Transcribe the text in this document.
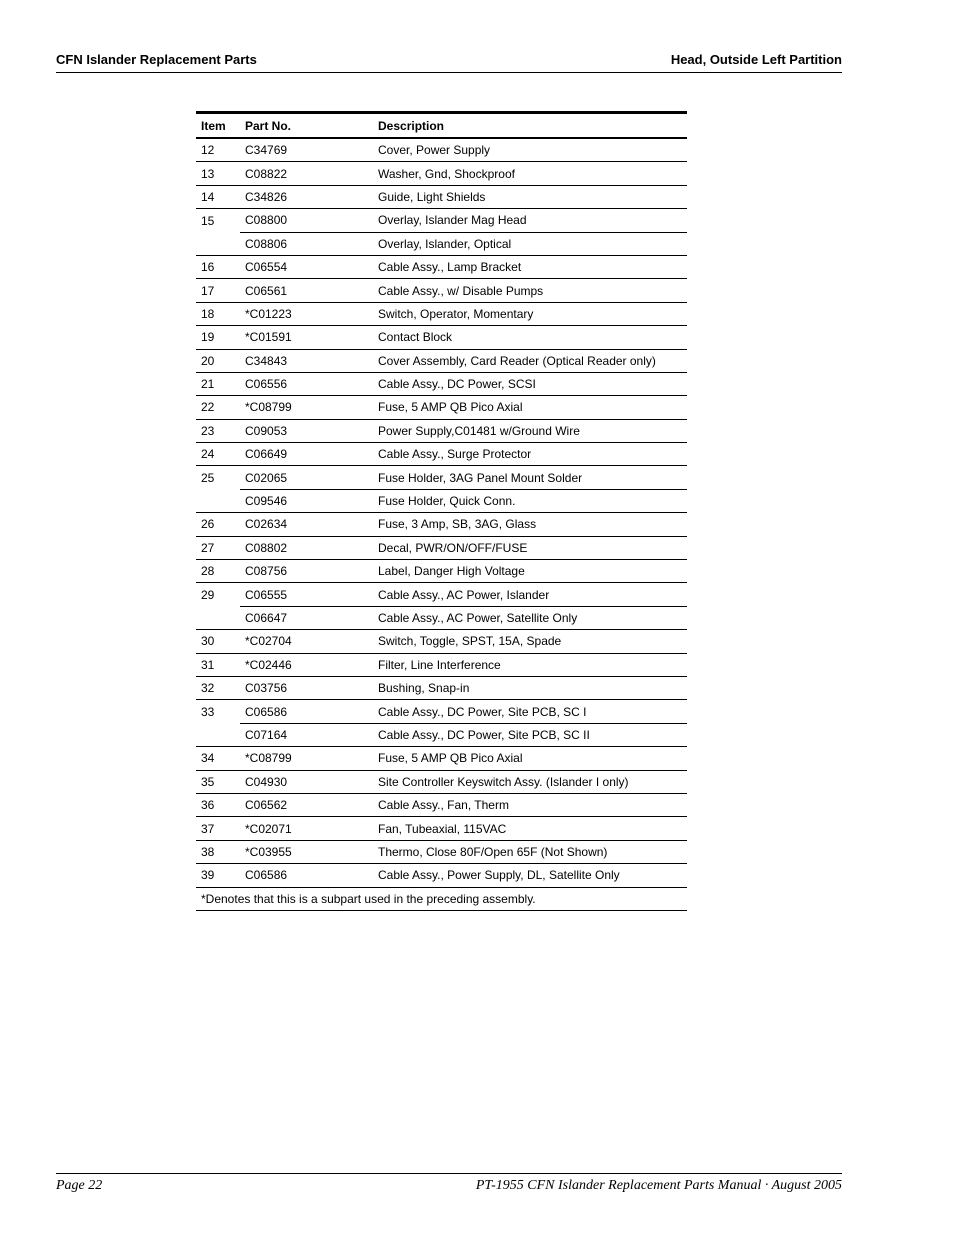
CFN Islander Replacement Parts	Head, Outside Left Partition
Item	Part No.	Description
12	C34769	Cover, Power Supply
13	C08822	Washer, Gnd, Shockproof
14	C34826	Guide, Light Shields
15	C08800	Overlay, Islander Mag Head
	C08806	Overlay, Islander, Optical
16	C06554	Cable Assy., Lamp Bracket
17	C06561	Cable Assy., w/ Disable Pumps
18	*C01223	Switch, Operator, Momentary
19	*C01591	Contact Block
20	C34843	Cover Assembly, Card Reader (Optical Reader only)
21	C06556	Cable Assy., DC Power, SCSI
22	*C08799	Fuse, 5 AMP QB Pico Axial
23	C09053	Power Supply,C01481 w/Ground Wire
24	C06649	Cable Assy., Surge Protector
25	C02065	Fuse Holder, 3AG Panel Mount Solder
	C09546	Fuse Holder, Quick Conn.
26	C02634	Fuse, 3 Amp, SB, 3AG, Glass
27	C08802	Decal, PWR/ON/OFF/FUSE
28	C08756	Label, Danger High Voltage
29	C06555	Cable Assy., AC Power, Islander
	C06647	Cable Assy., AC Power, Satellite Only
30	*C02704	Switch, Toggle, SPST, 15A, Spade
31	*C02446	Filter, Line Interference
32	C03756	Bushing, Snap-in
33	C06586	Cable Assy., DC Power, Site PCB, SC I
	C07164	Cable Assy., DC Power, Site PCB, SC II
34	*C08799	Fuse, 5 AMP QB Pico Axial
35	C04930	Site Controller Keyswitch Assy. (Islander I only)
36	C06562	Cable Assy., Fan, Therm
37	*C02071	Fan, Tubeaxial, 115VAC
38	*C03955	Thermo, Close 80F/Open 65F (Not Shown)
39	C06586	Cable Assy., Power Supply, DL, Satellite Only
*Denotes that this is a subpart used in the preceding assembly.		
Page 22	PT-1955 CFN Islander Replacement Parts Manual · August 2005
